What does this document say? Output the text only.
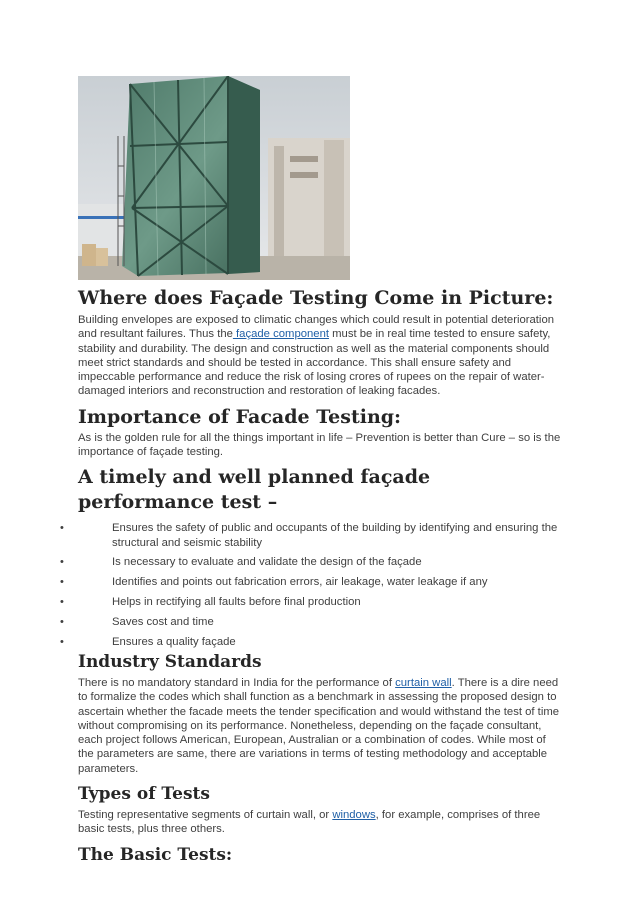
Where does Façade Testing Come in Picture:

Building envelopes are exposed to climatic changes which could result in potential deterioration and resultant failures. Thus the façade component must be in real time tested to ensure safety, stability and durability. The design and construction as well as the material components should meet strict standards and should be tested in accordance. This shall ensure safety and impeccable performance and reduce the risk of losing crores of rupees on the repair of water-damaged interiors and reconstruction and restoration of leaking facades.

Importance of Facade Testing:

As is the golden rule for all the things important in life – Prevention is better than Cure – so is the importance of façade testing.

A timely and well planned façade performance test –
•	Ensures the safety of public and occupants of the building by identifying and ensuring the structural and seismic stability
•	Is necessary to evaluate and validate the design of the façade
•	Identifies and points out fabrication errors, air leakage, water leakage if any
•	Helps in rectifying all faults before final production
•	Saves cost and time
•	Ensures a quality façade
Industry Standards

There is no mandatory standard in India for the performance of curtain wall. There is a dire need to formalize the codes which shall function as a benchmark in assessing the proposed design to ascertain whether the facade meets the tender specification and would withstand the test of time without compromising on its performance. Nonetheless, depending on the façade consultant, each project follows American, European, Australian or a combination of codes. While most of the parameters are same, there are variations in terms of testing methodology and acceptable parameters.

Types of Tests

Testing representative segments of curtain wall, or windows, for example, comprises of three basic tests, plus three others.

The Basic Tests:
